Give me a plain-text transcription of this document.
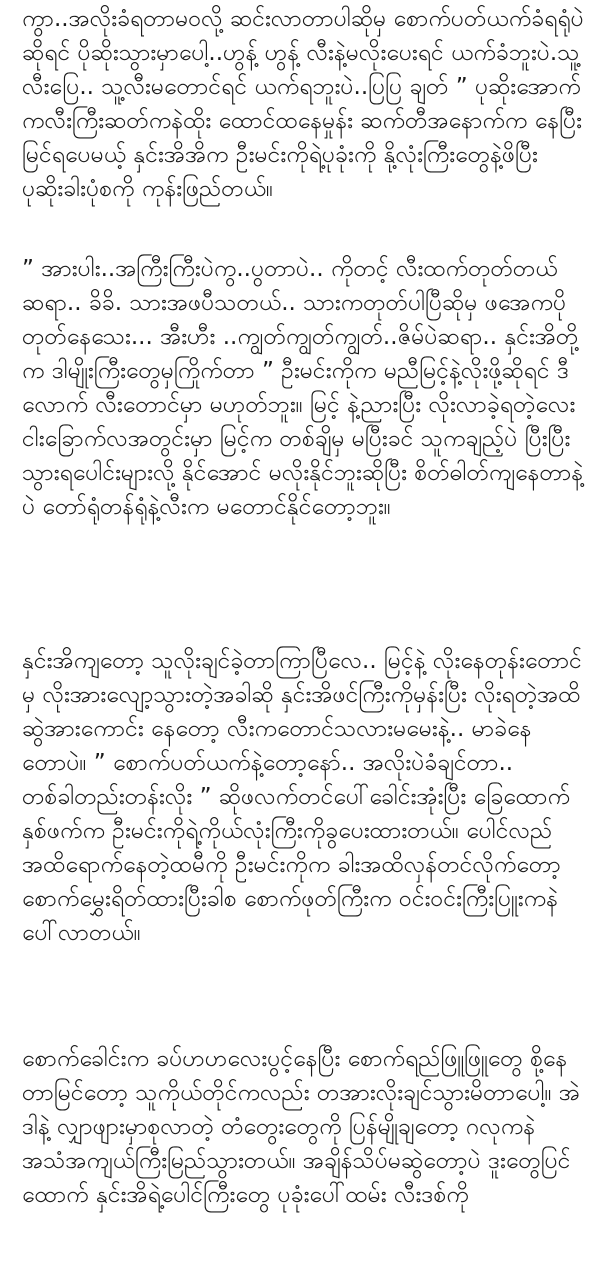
ကွာ..အလိုးခံရတာမဝလို့ ဆင်းလာတာပါဆိုမှ စောက်ပတ်ယက်ခံရရုံပဲဆိုရင် ပိုဆိုးသွားမှာပေါ့..ဟွန့် ဟွန့် လီးနဲ့မလိုးပေးရင် ယက်ခံဘူးပဲ.သူ့လီးပြေ.. သူ့လီးမတောင်ရင် ယက်ရဘူးပဲ..ပြပြ ချတ် ” ပုဆိုးအောက်ကလီးကြီးဆတ်ကနဲထိုး ထောင်ထနေမှုန်း ဆက်တီအနောက်က နေပြီးမြင်ရပေမယ့် နှင်းအိအိက ဦးမင်းကိုရဲ့ပုခုံးကို နို့လုံးကြီးတွေနဲ့ဖိပြီး ပုဆိုးခါးပုံစကို ကုန်းဖြည်တယ်။

” အားပါး..အကြီးကြီးပဲကွ..ပွတာပဲ.. ကိုတင့် လီးထက်တုတ်တယ်ဆရာ.. ခိခိ. သားအဖပီသတယ်.. သားကတုတ်ပါပြီဆိုမှ ဖအေကပိုတုတ်နေသေး... အီးဟီး ..ကျွတ်ကျွတ်ကျွတ်..ဇိမ်ပဲဆရာ.. နှင်းအိတို့က ဒါမျိုးကြီးတွေမှကြိုက်တာ ” ဦးမင်းကိုက မညီမြင့်နဲ့လိုးဖို့ဆိုရင် ဒီလောက် လီးတောင်မှာ မဟုတ်ဘူး။ မြင့် နဲ့ညားပြီး လိုးလာခဲ့ရတဲ့လေးငါးခြောက်လအတွင်းမှာ မြင့်က တစ်ချိမှ မပြီးခင် သူကချည့်ပဲ ပြီးပြီးသွားရပေါင်းများလို့ နိုင်အောင် မလိုးနိုင်ဘူးဆိုပြီး စိတ်ဓါတ်ကျနေတာနဲ့ပဲ တော်ရုံတန်ရုံနဲ့လီးက မတောင်နိုင်တော့ဘူး။

နှင်းအိကျတော့ သူလိုးချင်ခဲ့တာကြာပြီလေ.. မြင့်နဲ့ လိုးနေတုန်းတောင်မှ လိုးအားလျော့သွားတဲ့အခါဆို နှင်းအိဖင်ကြီးကိုမှန်းပြီး လိုးရတဲ့အထိ ဆွဲအားကောင်း နေတော့ လီးကတောင်သလားမမေးနဲ့.. မာခဲနေတောပဲ။ ” စောက်ပတ်ယက်နဲ့တော့နော်.. အလိုးပဲခံချင်တာ.. တစ်ခါတည်းတန်းလိုး ” ဆိုဖလက်တင်ပေါ်ခေါင်းအုံးပြီး ခြေထောက်နှစ်ဖက်က ဦးမင်းကိုရဲ့ကိုယ်လုံးကြီးကိုခွပေးထားတယ်။ ပေါင်လည်အထိရောက်နေတဲ့ထမီကို ဦးမင်းကိုက ခါးအထိလှန်တင်လိုက်တော့ စောက်မွှေးရိတ်ထားပြီးခါစ စောက်ဖုတ်ကြီးက ဝင်းဝင်းကြီးပြူးကနဲပေါ်လာတယ်။

စောက်ခေါင်းက ခပ်ဟဟလေးပွင့်နေပြီး စောက်ရည်ဖြူဖြူတွေ စို့နေတာမြင်တော့ သူကိုယ်တိုင်ကလည်း တအားလိုးချင်သွားမိတာပေါ့။ အဲဒါနဲ့ လျှာဖျားမှာစုလာတဲ့ တံတွေးတွေကို ပြန်မျိုချတော့ ဂလုကနဲ အသံအကျယ်ကြီးမြည်သွားတယ်။ အချိန်သိပ်မဆွဲတော့ပဲ ဒူးတွေပြင်ထောက် နှင်းအိရဲ့ပေါင်ကြီးတွေ ပုခုံးပေါ်ထမ်း လီးဒစ်ကို
